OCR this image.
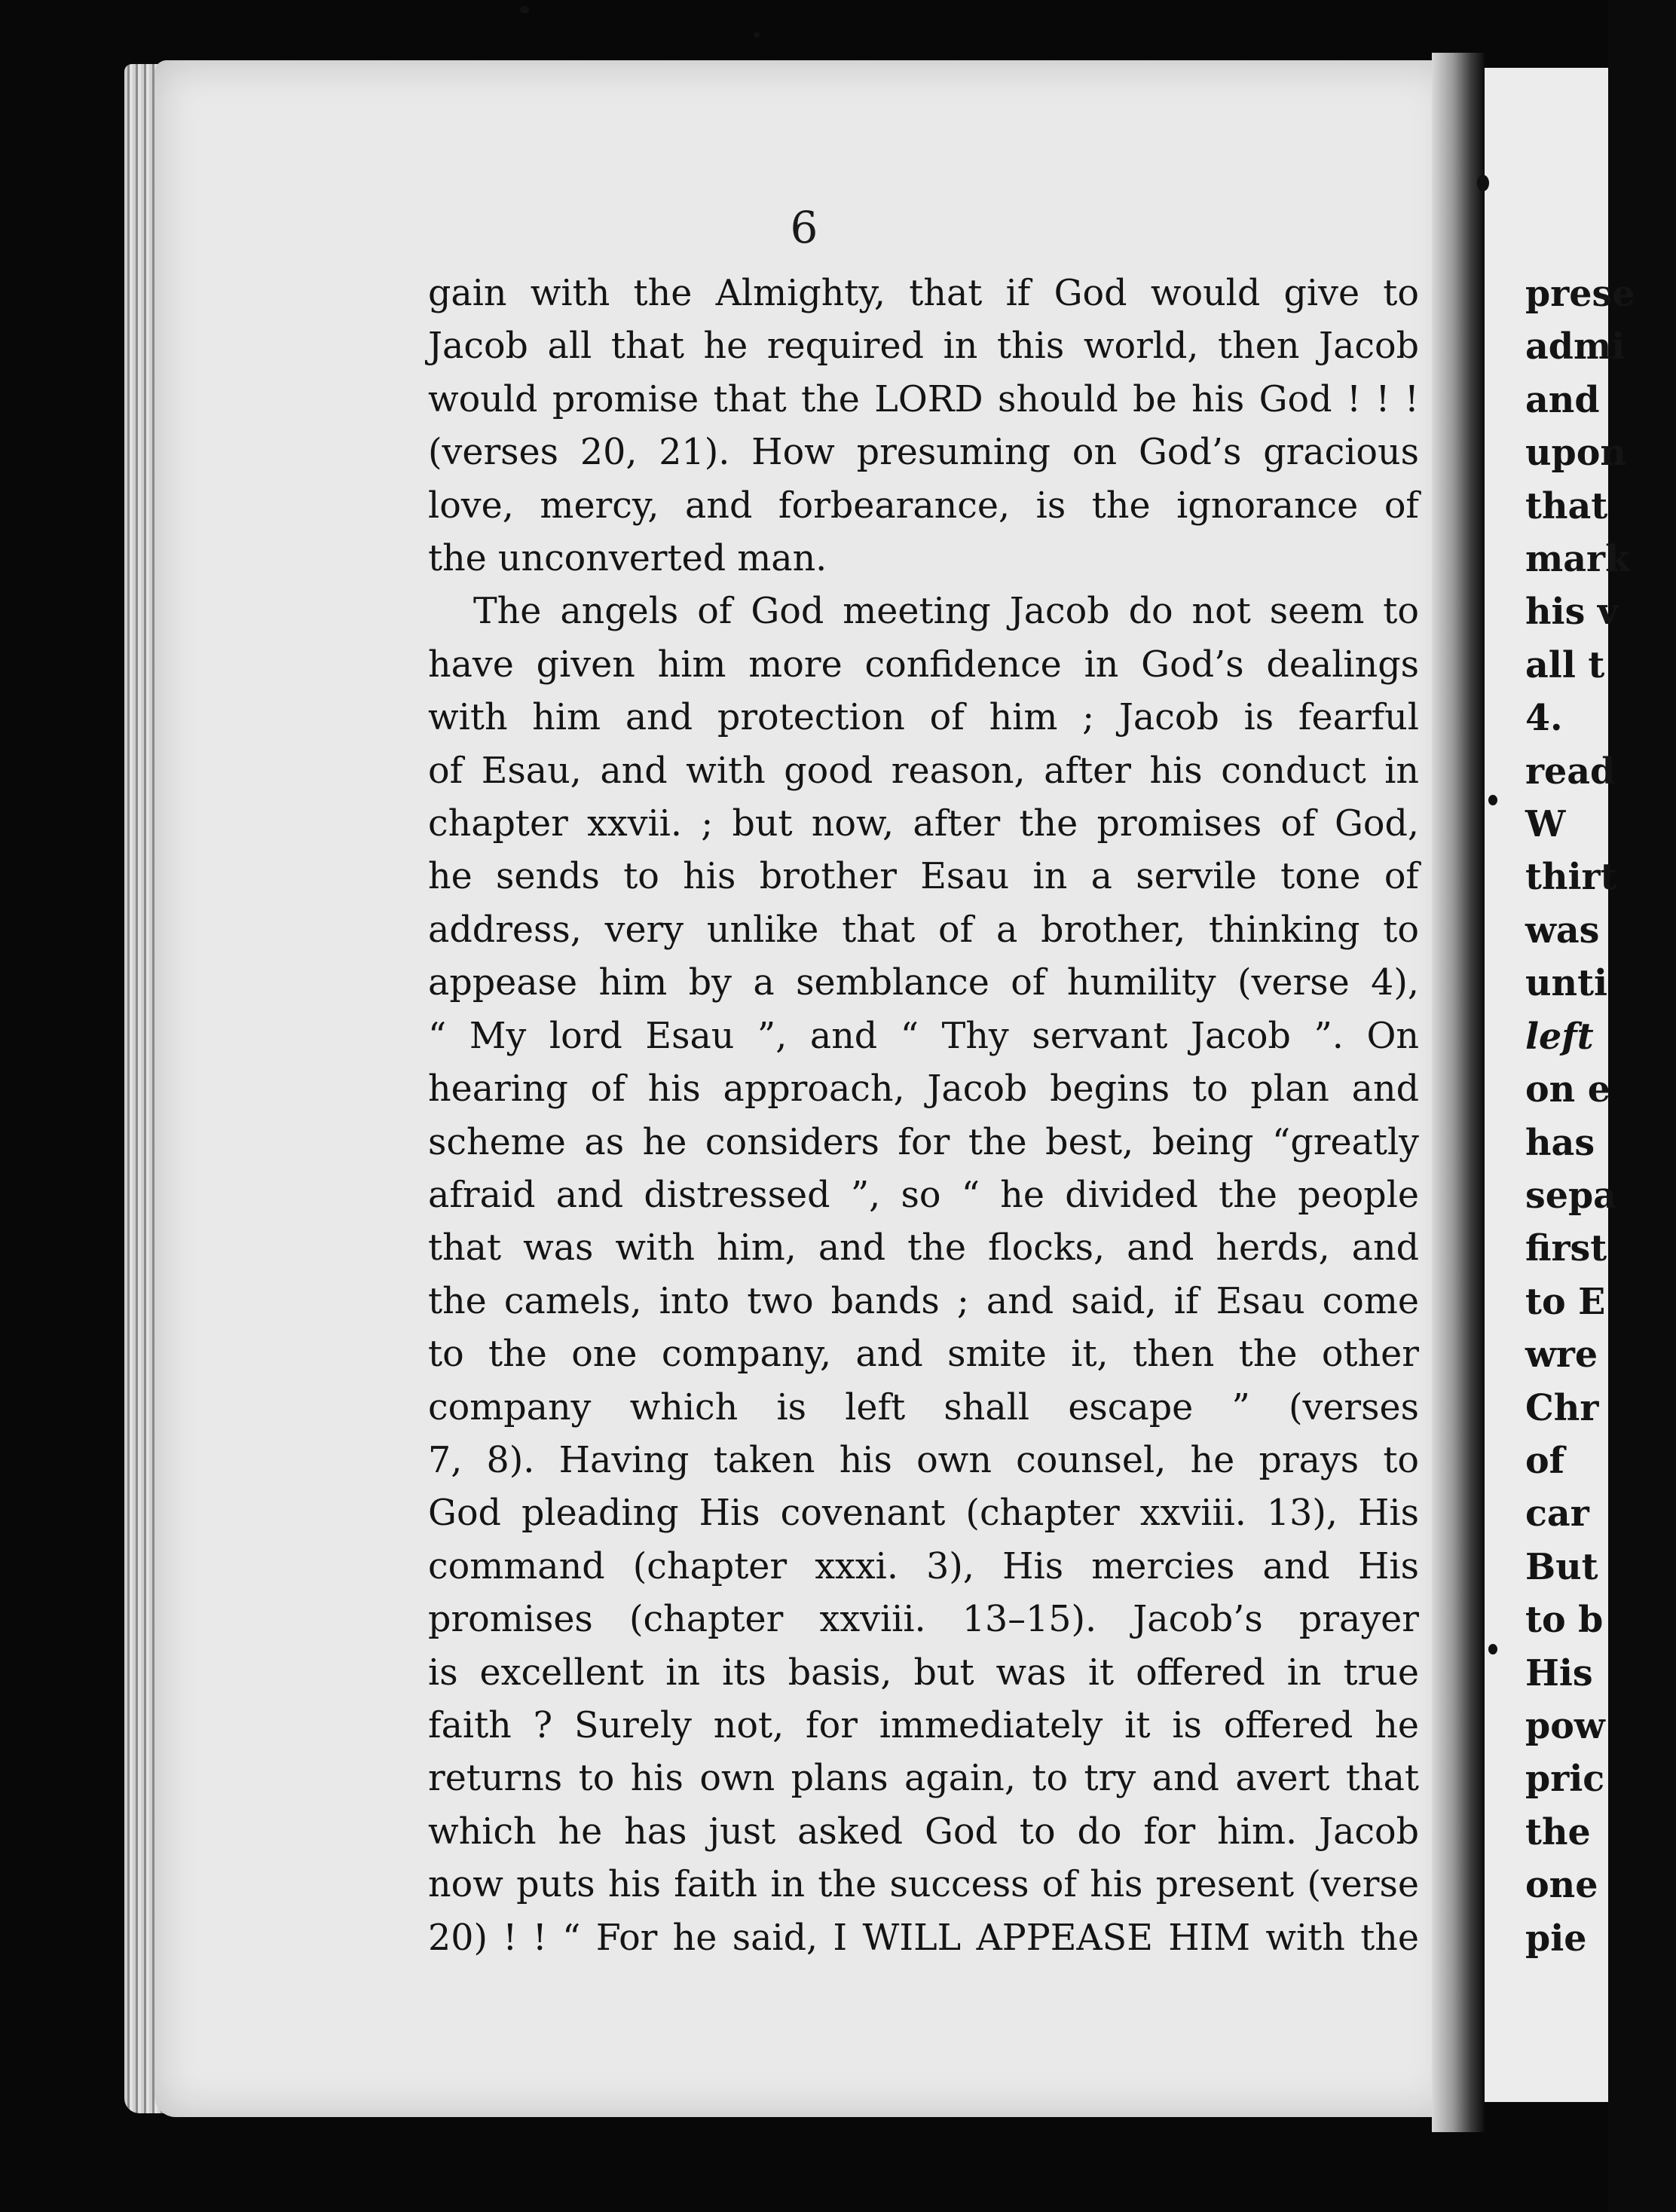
6
gain with the Almighty, that if God would give to
Jacob all that he required in this world, then Jacob
would promise that the LORD should be his God ! ! !
(verses 20, 21). How presuming on God’s gracious
love, mercy, and forbearance, is the ignorance of
the unconverted man.
The angels of God meeting Jacob do not seem to
have given him more confidence in God’s dealings
with him and protection of him ; Jacob is fearful
of Esau, and with good reason, after his conduct in
chapter xxvii. ; but now, after the promises of God,
he sends to his brother Esau in a servile tone of
address, very unlike that of a brother, thinking to
appease him by a semblance of humility (verse 4),
“ My lord Esau ”, and “ Thy servant Jacob ”. On
hearing of his approach, Jacob begins to plan and
scheme as he considers for the best, being “greatly
afraid and distressed ”, so “ he divided the people
that was with him, and the flocks, and herds, and
the camels, into two bands ; and said, if Esau come
to the one company, and smite it, then the other
company which is left shall escape ” (verses
7, 8). Having taken his own counsel, he prays to
God pleading His covenant (chapter xxviii. 13), His
command (chapter xxxi. 3), His mercies and His
promises (chapter xxviii. 13–15). Jacob’s prayer
is excellent in its basis, but was it offered in true
faith ? Surely not, for immediately it is offered he
returns to his own plans again, to try and avert that
which he has just asked God to do for him. Jacob
now puts his faith in the success of his present (verse
20) ! ! “ For he said, I WILL APPEASE HIM with the
prese
admi
and
upon
that
mark
his v
all t
4.
read
W
thirt
was
unti
left
on e
has
sepa
first
to E
wre
Chr
of
car
But
to b
His
pow
pric
the
one
pie
